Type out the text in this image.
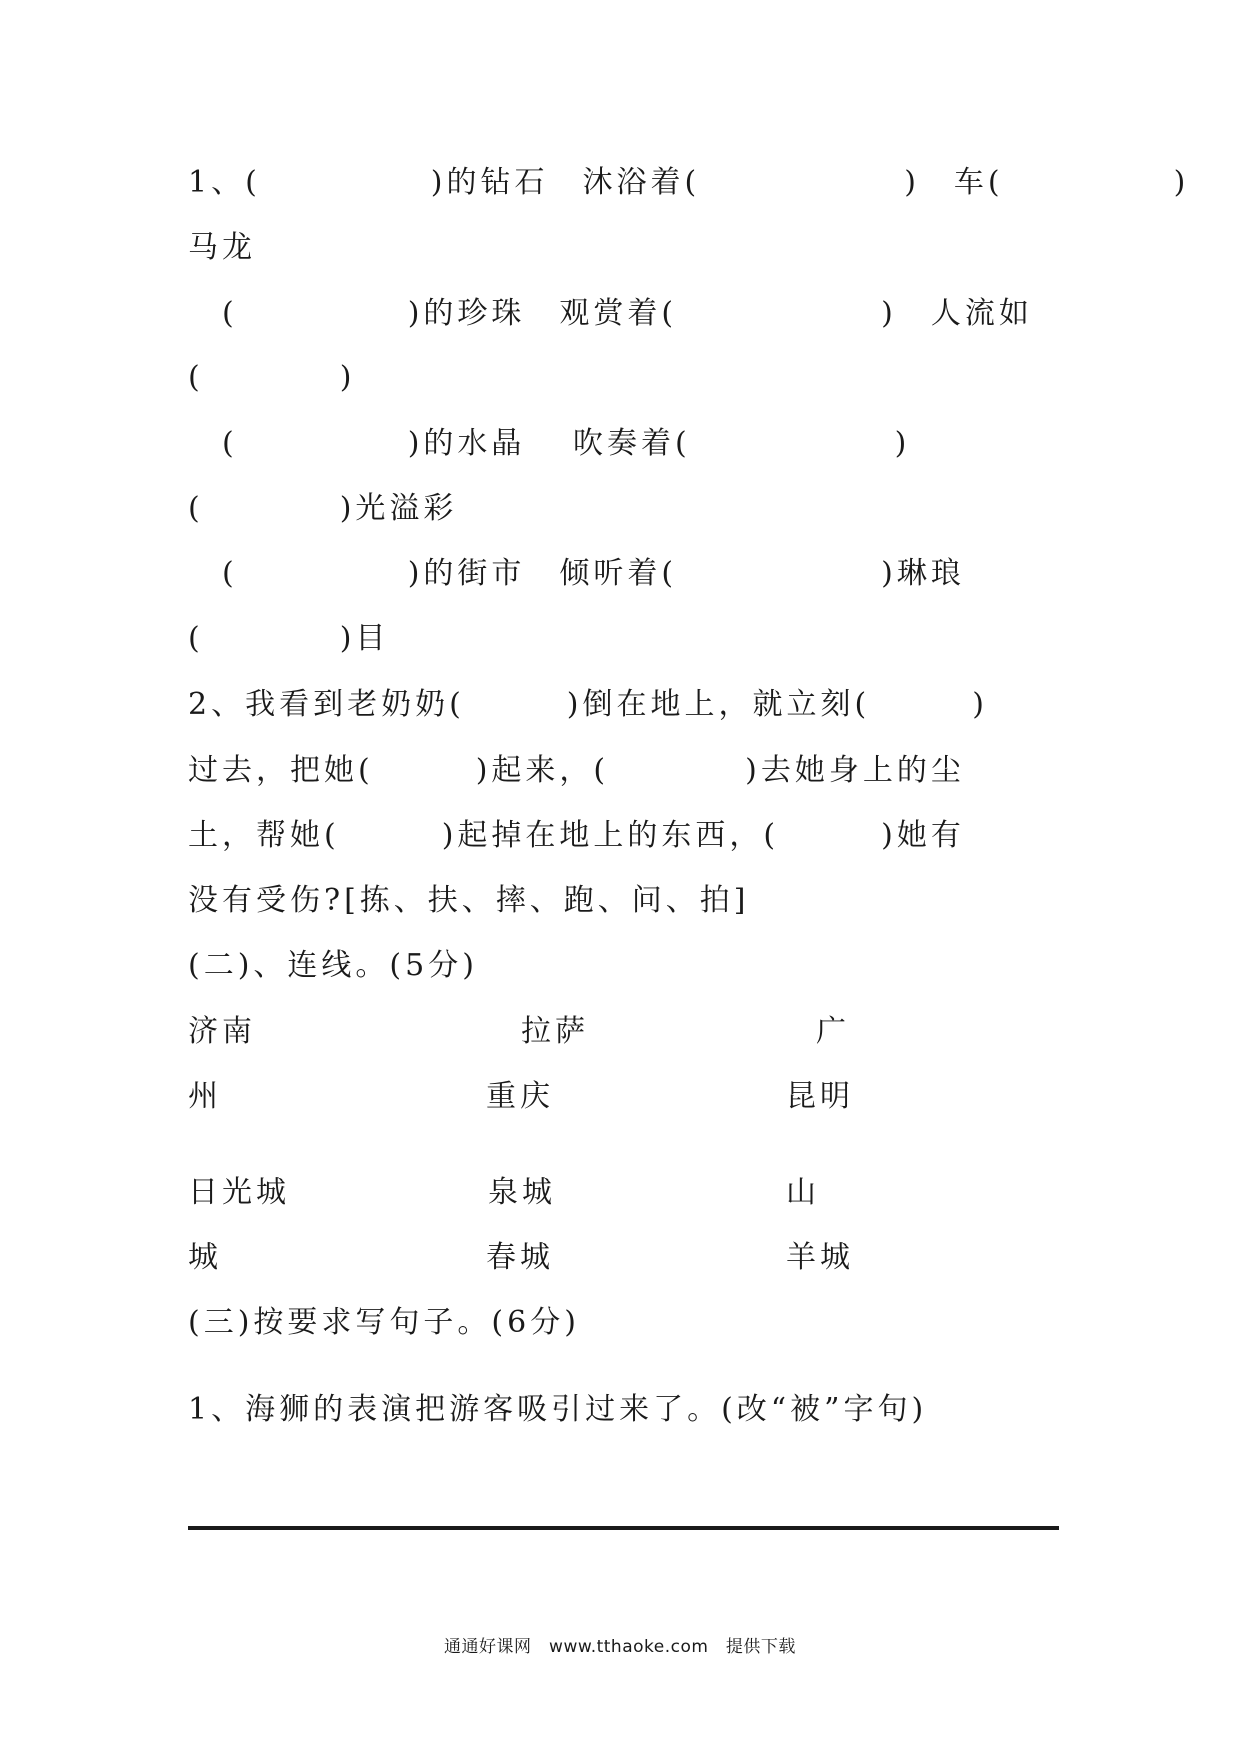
1、(　　　　　)的钻石　沐浴着(　　　　　　)　车(　　　　　)
马龙
　(　　　　　)的珍珠　观赏着(　　　　　　)　人流如
(　　　　)
　(　　　　　)的水晶　 吹奏着(　　　　　　)
(　　　　)光溢彩
　(　　　　　)的街市　倾听着(　　　　　　)琳琅
(　　　　)目
2、我看到老奶奶(　　　)倒在地上，就立刻(　　　)
过去，把她(　　　)起来，(　　　　)去她身上的尘
土，帮她(　　　)起掉在地上的东西，(　　　)她有
没有受伤?[拣、扶、摔、跑、问、拍]
(二)、连线。(5分)
济南	拉萨	广
州	重庆	昆明
日光城	泉城	山
城	春城	羊城
(三)按要求写句子。(6分)
1、海狮的表演把游客吸引过来了。(改“被”字句)
通通好课网　www.tthaoke.com　提供下载
